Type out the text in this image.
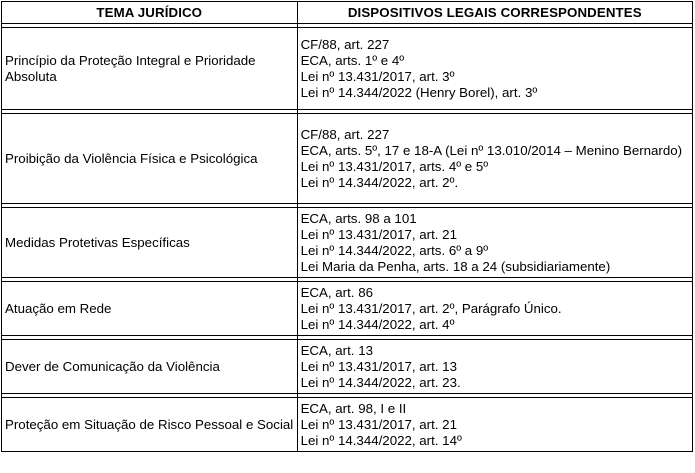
TEMA JURÍDICO	DISPOSITIVOS LEGAIS CORRESPONDENTES

Princípio da Proteção Integral e Prioridade Absoluta	CF/88, art. 227
ECA, arts. 1º e 4º
Lei nº 13.431/2017, art. 3º
Lei nº 14.344/2022 (Henry Borel), art. 3º

Proibição da Violência Física e Psicológica	CF/88, art. 227
ECA, arts. 5º, 17 e 18-A (Lei nº 13.010/2014 – Menino Bernardo)
Lei nº 13.431/2017, arts. 4º e 5º
Lei nº 14.344/2022, art. 2º.

Medidas Protetivas Específicas	ECA, arts. 98 a 101
Lei nº 13.431/2017, art. 21
Lei nº 14.344/2022, arts. 6º a 9º
Lei Maria da Penha, arts. 18 a 24 (subsidiariamente)

Atuação em Rede	ECA, art. 86
Lei nº 13.431/2017, art. 2º, Parágrafo Único.
Lei nº 14.344/2022, art. 4º

Dever de Comunicação da Violência	ECA, art. 13
Lei nº 13.431/2017, art. 13
Lei nº 14.344/2022, art. 23.

Proteção em Situação de Risco Pessoal e Social	ECA, art. 98, I e II
Lei nº 13.431/2017, art. 21
Lei nº 14.344/2022, art. 14º
